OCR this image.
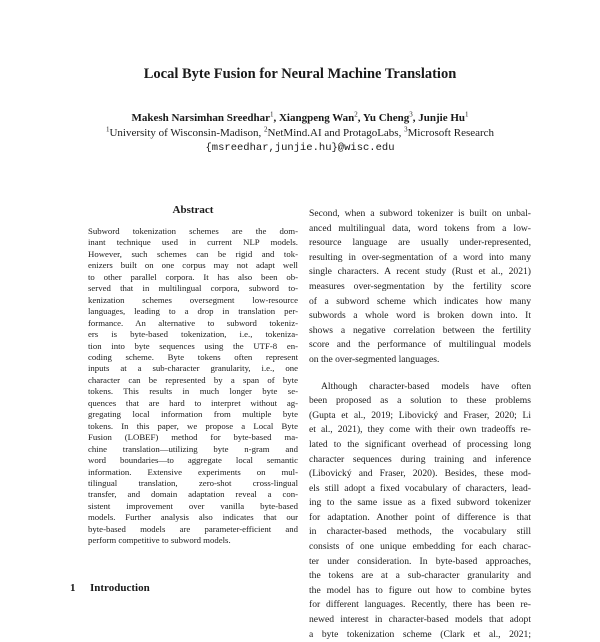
Local Byte Fusion for Neural Machine Translation
Makesh Narsimhan Sreedhar$^1$, Xiangpeng Wan$^2$, Yu Cheng$^3$, Junjie Hu$^1$
$^1$University of Wisconsin-Madison, $^2$NetMind.AI and ProtagoLabs, $^3$Microsoft Research
{msreedhar,junjie.hu}@wisc.edu
Abstract
Subword tokenization schemes are the dom-
inant technique used in current NLP models.
However, such schemes can be rigid and tok-
enizers built on one corpus may not adapt well
to other parallel corpora. It has also been ob-
served that in multilingual corpora, subword to-
kenization schemes oversegment low-resource
languages, leading to a drop in translation per-
formance. An alternative to subword tokeniz-
ers is byte-based tokenization, i.e., tokeniza-
tion into byte sequences using the UTF-8 en-
coding scheme. Byte tokens often represent
inputs at a sub-character granularity, i.e., one
character can be represented by a span of byte
tokens. This results in much longer byte se-
quences that are hard to interpret without ag-
gregating local information from multiple byte
tokens. In this paper, we propose a Local Byte
Fusion (LOBEF) method for byte-based ma-
chine translation—utilizing byte n-gram and
word boundaries—to aggregate local semantic
information. Extensive experiments on mul-
tilingual translation, zero-shot cross-lingual
transfer, and domain adaptation reveal a con-
sistent improvement over vanilla byte-based
models. Further analysis also indicates that our
byte-based models are parameter-efficient and
perform competitive to subword models.
1 Introduction
Second, when a subword tokenizer is built on unbal-
anced multilingual data, word tokens from a low-
resource language are usually under-represented,
resulting in over-segmentation of a word into many
single characters. A recent study (Rust et al., 2021)
measures over-segmentation by the fertility score
of a subword scheme which indicates how many
subwords a whole word is broken down into. It
shows a negative correlation between the fertility
score and the performance of multilingual models
on the over-segmented languages.
Although character-based models have often
been proposed as a solution to these problems
(Gupta et al., 2019; Libovický and Fraser, 2020; Li
et al., 2021), they come with their own tradeoffs re-
lated to the significant overhead of processing long
character sequences during training and inference
(Libovický and Fraser, 2020). Besides, these mod-
els still adopt a fixed vocabulary of characters, lead-
ing to the same issue as a fixed subword tokenizer
for adaptation. Another point of difference is that
in character-based methods, the vocabulary still
consists of one unique embedding for each charac-
ter under consideration. In byte-based approaches,
the tokens are at a sub-character granularity and
the model has to figure out how to combine bytes
for different languages. Recently, there has been re-
newed interest in character-based models that adopt
a byte tokenization scheme (Clark et al., 2021;
